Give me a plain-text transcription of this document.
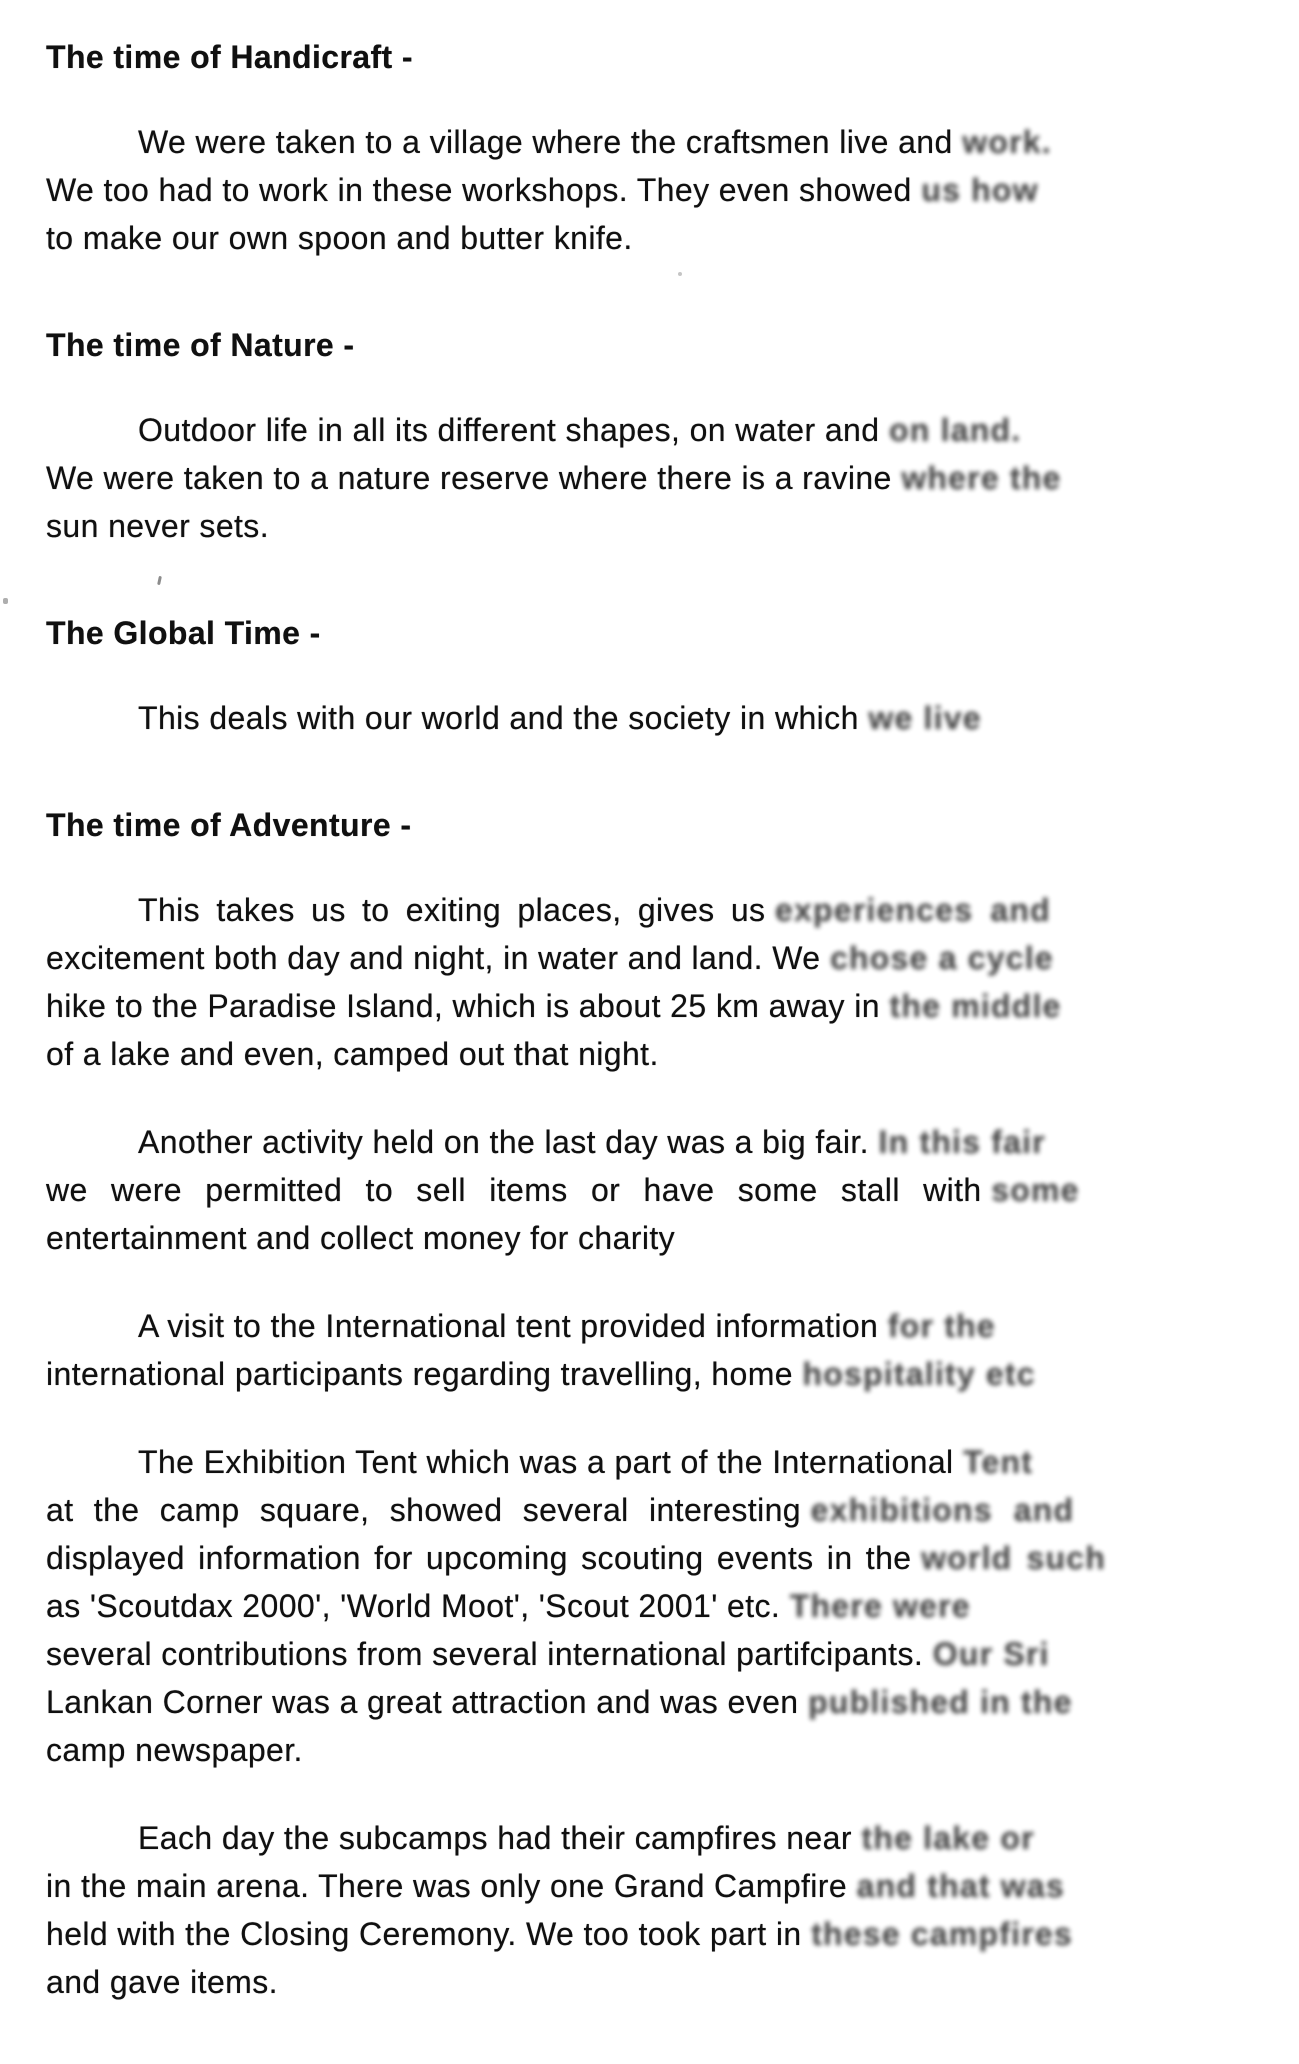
The time of Handicraft -
We were taken to a village where the craftsmen live and work.
We too had to work in these workshops. They even showed us how
to make our own spoon and butter knife.
The time of Nature -
Outdoor life in all its different shapes, on water and on land.
We were taken to a nature reserve where there is a ravine where the
sun never sets.
The Global Time -
This deals with our world and the society in which we live
The time of Adventure -
This takes us to exiting places, gives us experiences and
excitement both day and night, in water and land. We chose a cycle
hike to the Paradise Island, which is about 25 km away in the middle
of a lake and even, camped out that night.
Another activity held on the last day was a big fair. In this fair
we were permitted to sell items or have some stall with some
entertainment and collect money for charity
A visit to the International tent provided information for the
international participants regarding travelling, home hospitality etc
The Exhibition Tent which was a part of the International Tent
at the camp square, showed several interesting exhibitions and
displayed information for upcoming scouting events in the world such
as 'Scoutdax 2000', 'World Moot', 'Scout 2001' etc. There were
several contributions from several international partifcipants. Our Sri
Lankan Corner was a great attraction and was even published in the
camp newspaper.
Each day the subcamps had their campfires near the lake or
in the main arena. There was only one Grand Campfire and that was
held with the Closing Ceremony. We too took part in these campfires
and gave items.
